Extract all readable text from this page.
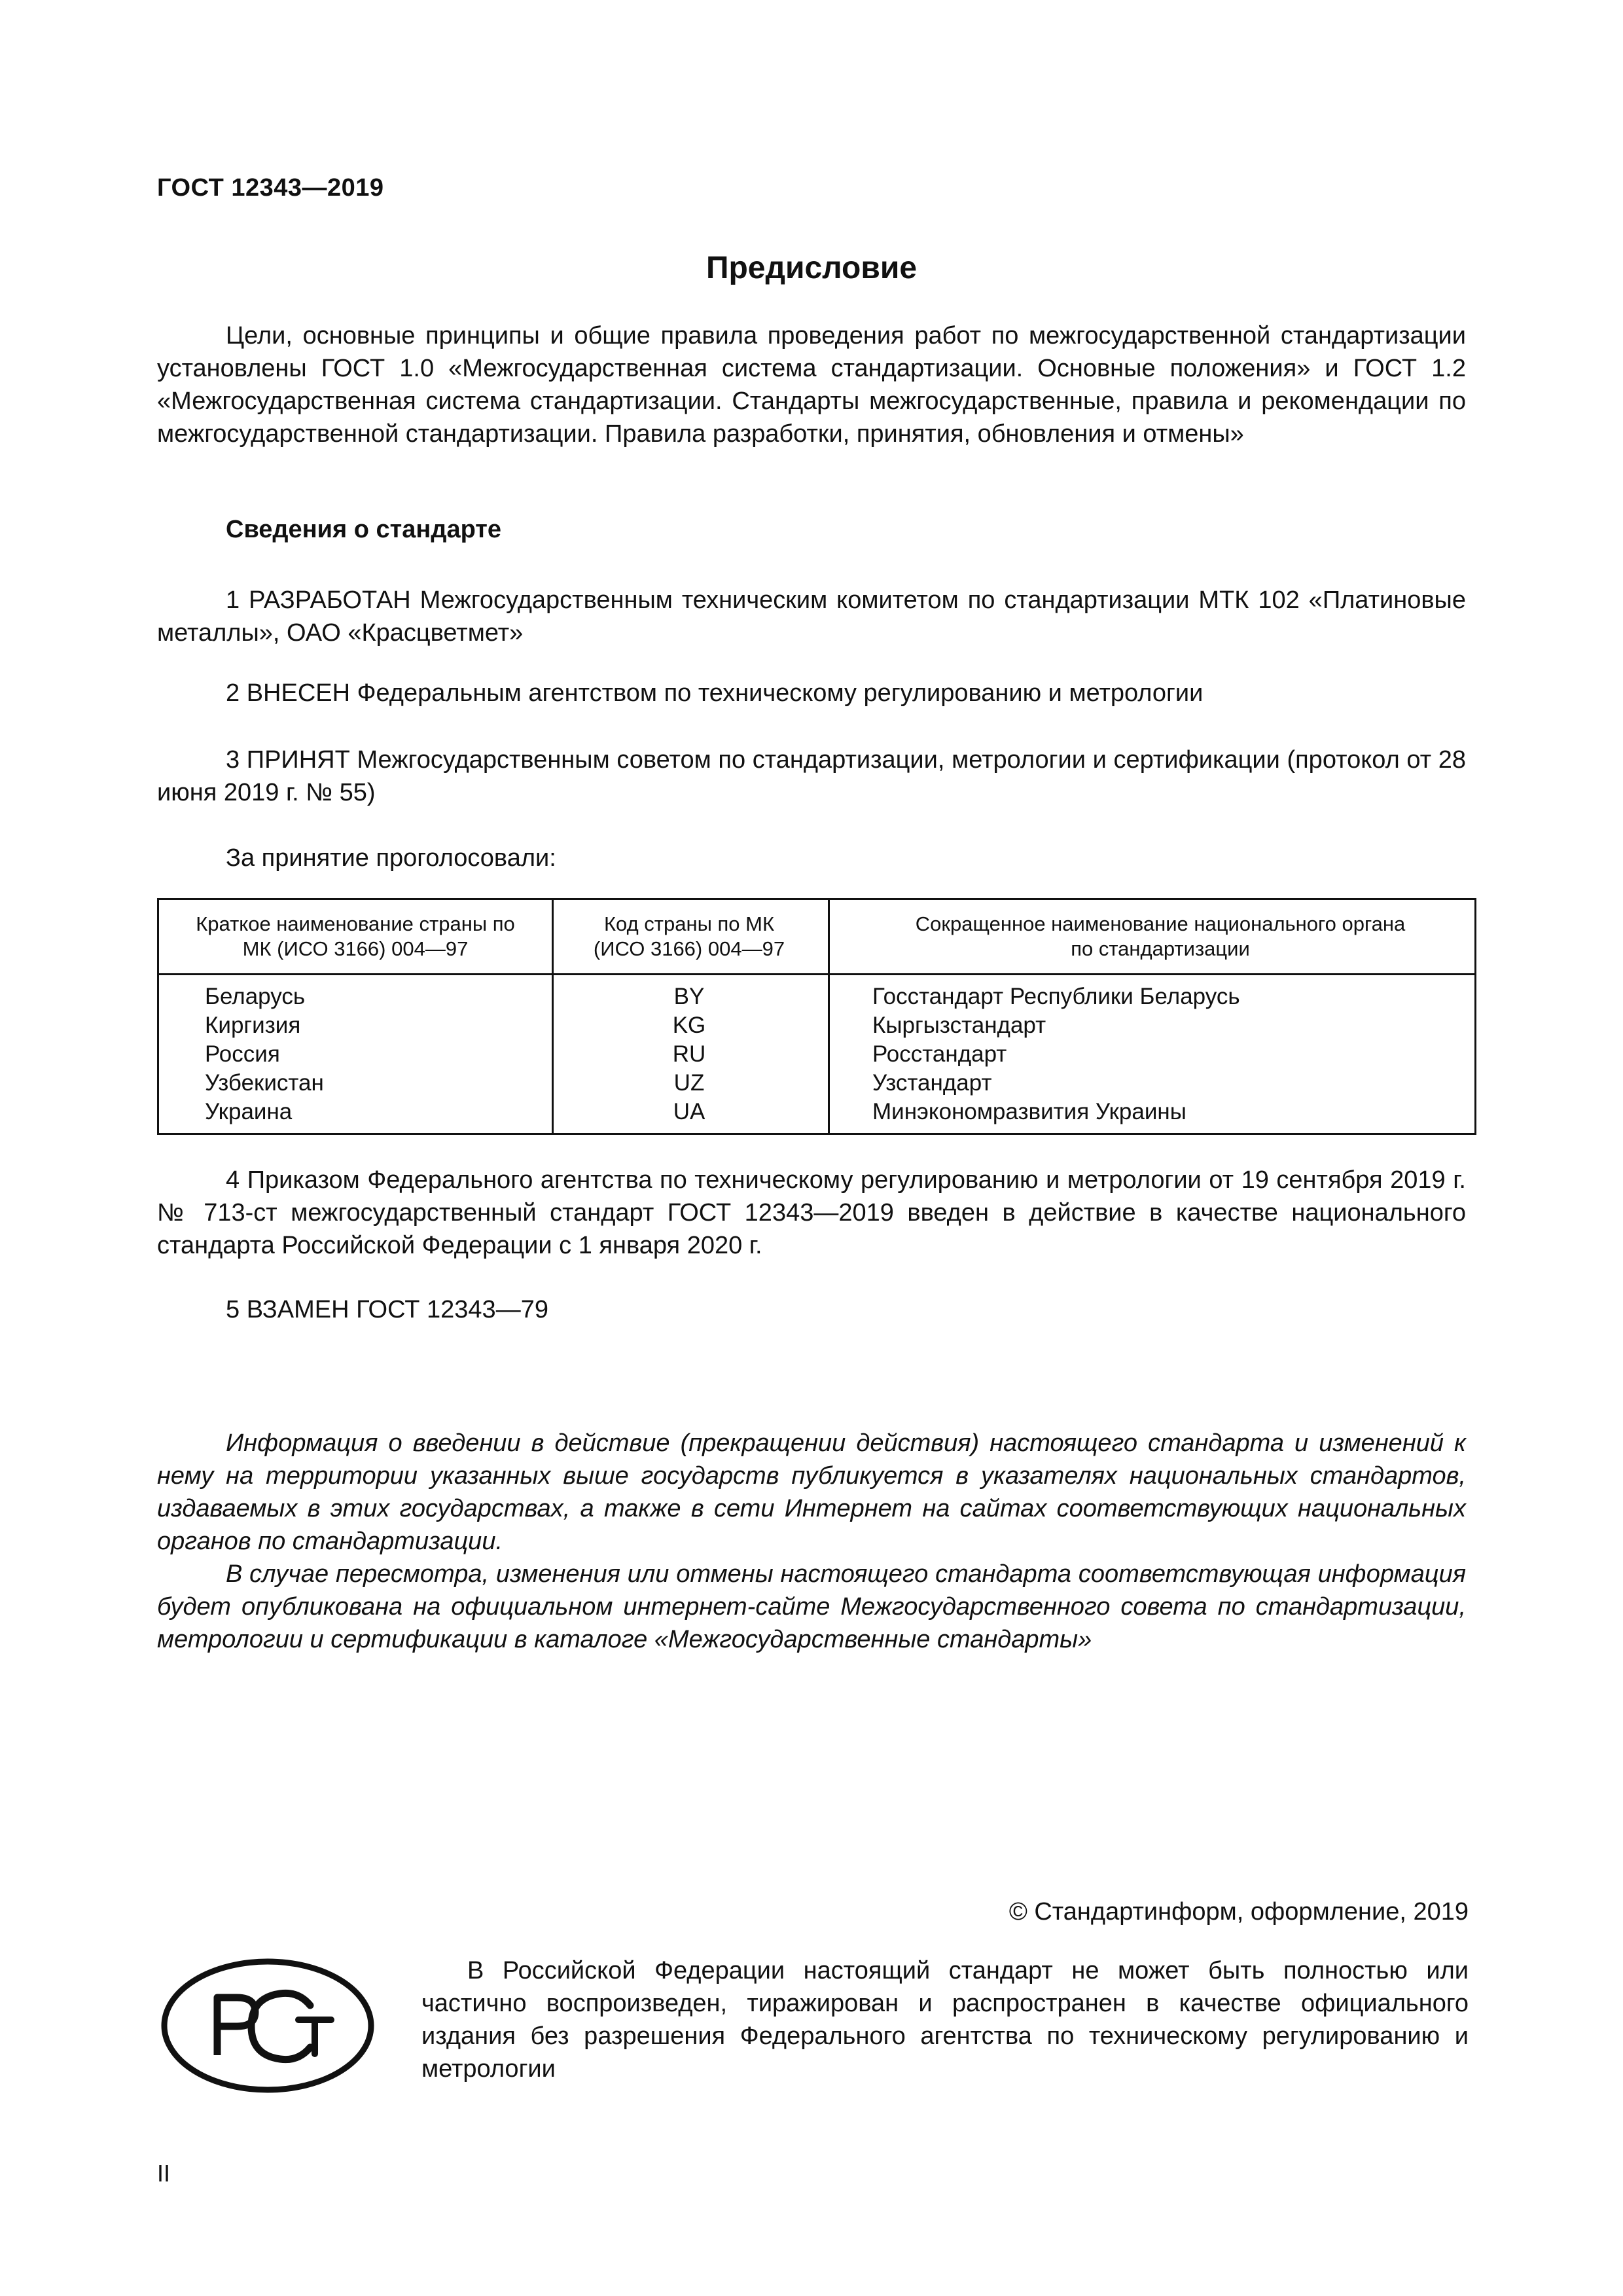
ГОСТ 12343—2019
Предисловие

Цели, основные принципы и общие правила проведения работ по межгосударственной стандартизации установлены ГОСТ 1.0 «Межгосударственная система стандартизации. Основные положения» и ГОСТ 1.2 «Межгосударственная система стандартизации. Стандарты межгосударственные, правила и рекомендации по межгосударственной стандартизации. Правила разработки, принятия, обновления и отмены»

Сведения о стандарте

1 РАЗРАБОТАН Межгосударственным техническим комитетом по стандартизации МТК 102 «Платиновые металлы», ОАО «Красцветмет»

2 ВНЕСЕН Федеральным агентством по техническому регулированию и метрологии

3 ПРИНЯТ Межгосударственным советом по стандартизации, метрологии и сертификации (протокол от 28 июня 2019 г. № 55)

За принятие проголосовали:

Краткое наименование страны по МК (ИСО 3166) 004—97
Код страны по МК (ИСО 3166) 004—97
Сокращенное наименование национального органа по стандартизации
Беларусь
Киргизия
Россия
Узбекистан
Украина
BY
KG
RU
UZ
UA
Госстандарт Республики Беларусь
Кыргызстандарт
Росстандарт
Узстандарт
Минэкономразвития Украины

4 Приказом Федерального агентства по техническому регулированию и метрологии от 19 сентября 2019 г. № 713-ст межгосударственный стандарт ГОСТ 12343—2019 введен в действие в качестве национального стандарта Российской Федерации с 1 января 2020 г.

5 ВЗАМЕН ГОСТ 12343—79

Информация о введении в действие (прекращении действия) настоящего стандарта и изменений к нему на территории указанных выше государств публикуется в указателях национальных стандартов, издаваемых в этих государствах, а также в сети Интернет на сайтах соответствующих национальных органов по стандартизации.

В случае пересмотра, изменения или отмены настоящего стандарта соответствующая информация будет опубликована на официальном интернет-сайте Межгосударственного совета по стандартизации, метрологии и сертификации в каталоге «Межгосударственные стандарты»

© Стандартинформ, оформление, 2019

В Российской Федерации настоящий стандарт не может быть полностью или частично воспроизведен, тиражирован и распространен в качестве официального издания без разрешения Федерального агентства по техническому регулированию и метрологии

II
